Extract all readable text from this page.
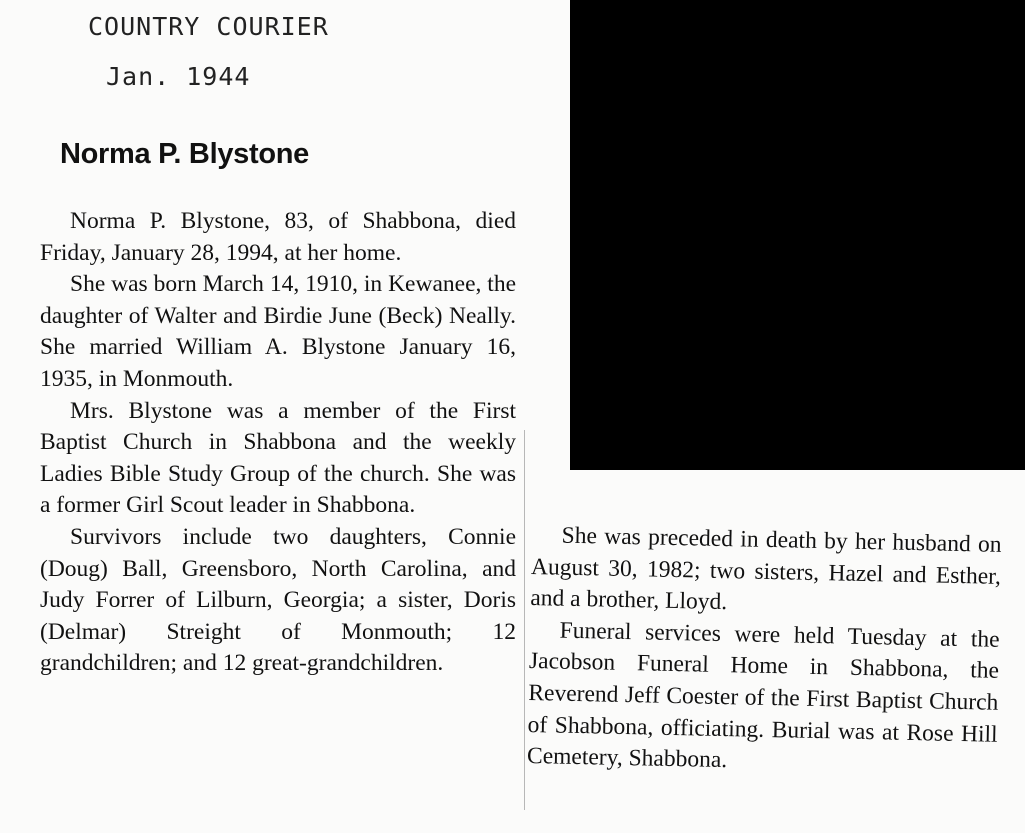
COUNTRY COURIER
Jan. 1944
Norma P. Blystone

Norma P. Blystone, 83, of Shabbona, died Friday, January 28, 1994, at her home.

She was born March 14, 1910, in Kewanee, the daughter of Walter and Birdie June (Beck) Neally. She married William A. Blystone January 16, 1935, in Monmouth.

Mrs. Blystone was a member of the First Baptist Church in Shabbona and the weekly Ladies Bible Study Group of the church. She was a former Girl Scout leader in Shabbona.

Survivors include two daughters, Connie (Doug) Ball, Greensboro, North Carolina, and Judy Forrer of Lilburn, Georgia; a sister, Doris (Delmar) Streight of Monmouth; 12 grandchildren; and 12 great-grandchildren.

She was preceded in death by her husband on August 30, 1982; two sisters, Hazel and Esther, and a brother, Lloyd.

Funeral services were held Tuesday at the Jacobson Funeral Home in Shabbona, the Reverend Jeff Coester of the First Baptist Church of Shabbona, officiating. Burial was at Rose Hill Cemetery, Shabbona.
